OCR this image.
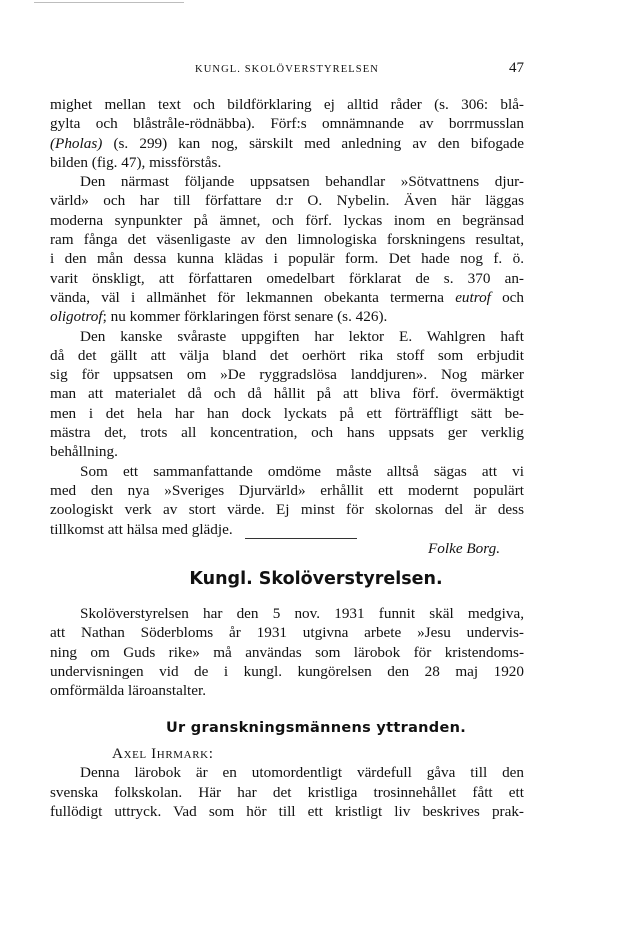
KUNGL. SKOLÖVERSTYRELSEN	47
mighet mellan text och bildförklaring ej alltid råder (s. 306: blå-
gylta och blåstråle-rödnäbba). Förf:s omnämnande av borrmusslan
(Pholas) (s. 299) kan nog, särskilt med anledning av den bifogade
bilden (fig. 47), missförstås.
Den närmast följande uppsatsen behandlar »Sötvattnens djur-
värld» och har till författare d:r O. Nybelin. Även här läggas
moderna synpunkter på ämnet, och förf. lyckas inom en begränsad
ram fånga det väsenligaste av den limnologiska forskningens resultat,
i den mån dessa kunna klädas i populär form. Det hade nog f. ö.
varit önskligt, att författaren omedelbart förklarat de s. 370 an-
vända, väl i allmänhet för lekmannen obekanta termerna eutrof och
oligotrof; nu kommer förklaringen först senare (s. 426).
Den kanske svåraste uppgiften har lektor E. Wahlgren haft
då det gällt att välja bland det oerhört rika stoff som erbjudit
sig för uppsatsen om »De ryggradslösa landdjuren». Nog märker
man att materialet då och då hållit på att bliva förf. övermäktigt
men i det hela har han dock lyckats på ett förträffligt sätt be-
mästra det, trots all koncentration, och hans uppsats ger verklig
behållning.
Som ett sammanfattande omdöme måste alltså sägas att vi
med den nya »Sveriges Djurvärld» erhållit ett modernt populärt
zoologiskt verk av stort värde. Ej minst för skolornas del är dess
tillkomst att hälsa med glädje.
Folke Borg.
Kungl. Skolöverstyrelsen.
Skolöverstyrelsen har den 5 nov. 1931 funnit skäl medgiva,
att Nathan Söderbloms år 1931 utgivna arbete »Jesu undervis-
ning om Guds rike» må användas som lärobok för kristendoms-
undervisningen vid de i kungl. kungörelsen den 28 maj 1920
omförmälda läroanstalter.
Ur granskningsmännens yttranden.
Axel Ihrmark:
Denna lärobok är en utomordentligt värdefull gåva till den
svenska folkskolan. Här har det kristliga trosinnehållet fått ett
fullödigt uttryck. Vad som hör till ett kristligt liv beskrives prak-
